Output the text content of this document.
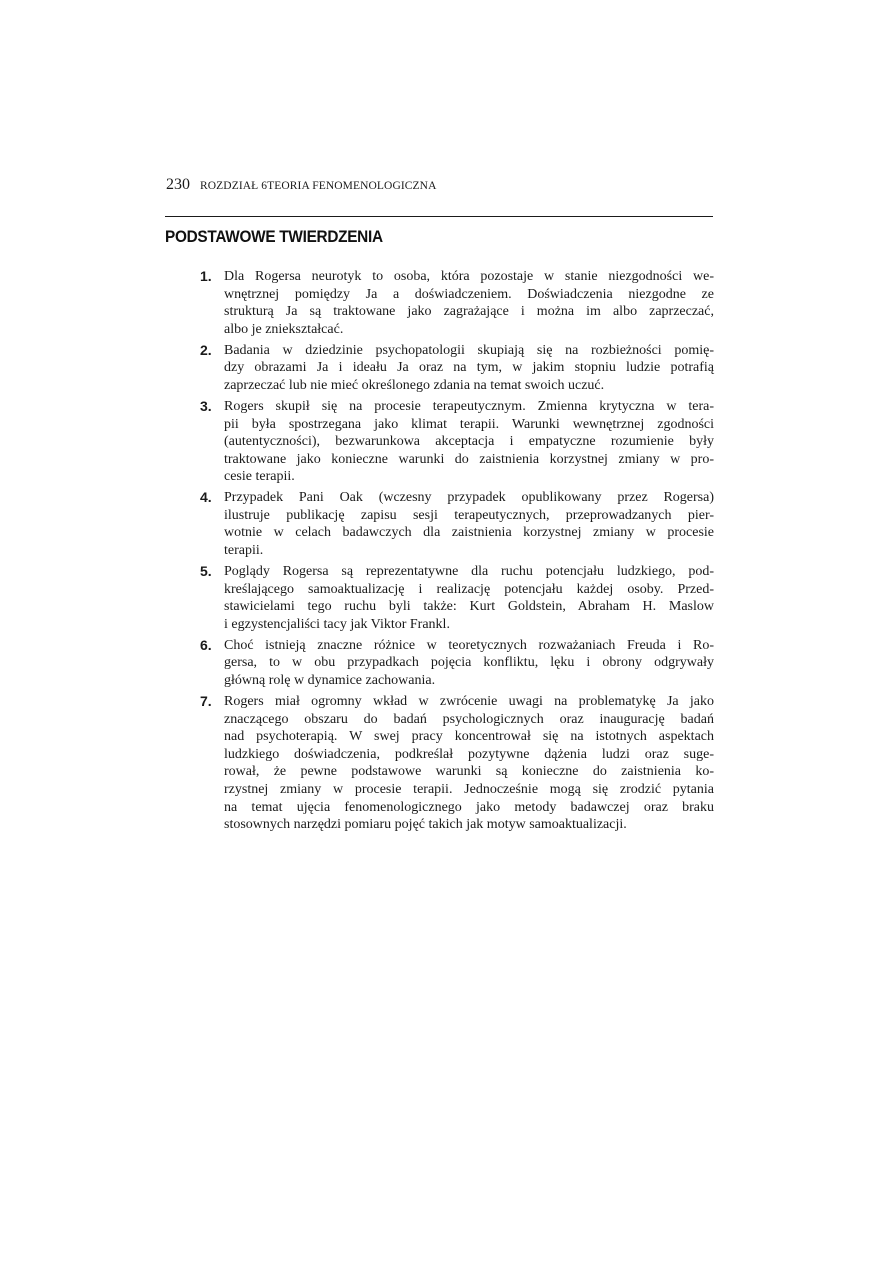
230 ROZDZIAŁ 6TEORIA FENOMENOLOGICZNA
PODSTAWOWE TWIERDZENIA
1. Dla Rogersa neurotyk to osoba, która pozostaje w stanie niezgodności we-
wnętrznej pomiędzy Ja a doświadczeniem. Doświadczenia niezgodne ze
strukturą Ja są traktowane jako zagrażające i można im albo zaprzeczać,
albo je zniekształcać.
2. Badania w dziedzinie psychopatologii skupiają się na rozbieżności pomię-
dzy obrazami Ja i ideału Ja oraz na tym, w jakim stopniu ludzie potrafią
zaprzeczać lub nie mieć określonego zdania na temat swoich uczuć.
3. Rogers skupił się na procesie terapeutycznym. Zmienna krytyczna w tera-
pii była spostrzegana jako klimat terapii. Warunki wewnętrznej zgodności
(autentyczności), bezwarunkowa akceptacja i empatyczne rozumienie były
traktowane jako konieczne warunki do zaistnienia korzystnej zmiany w pro-
cesie terapii.
4. Przypadek Pani Oak (wczesny przypadek opublikowany przez Rogersa)
ilustruje publikację zapisu sesji terapeutycznych, przeprowadzanych pier-
wotnie w celach badawczych dla zaistnienia korzystnej zmiany w procesie
terapii.
5. Poglądy Rogersa są reprezentatywne dla ruchu potencjału ludzkiego, pod-
kreślającego samoaktualizację i realizację potencjału każdej osoby. Przed-
stawicielami tego ruchu byli także: Kurt Goldstein, Abraham H. Maslow
i egzystencjaliści tacy jak Viktor Frankl.
6. Choć istnieją znaczne różnice w teoretycznych rozważaniach Freuda i Ro-
gersa, to w obu przypadkach pojęcia konfliktu, lęku i obrony odgrywały
główną rolę w dynamice zachowania.
7. Rogers miał ogromny wkład w zwrócenie uwagi na problematykę Ja jako
znaczącego obszaru do badań psychologicznych oraz inaugurację badań
nad psychoterapią. W swej pracy koncentrował się na istotnych aspektach
ludzkiego doświadczenia, podkreślał pozytywne dążenia ludzi oraz suge-
rował, że pewne podstawowe warunki są konieczne do zaistnienia ko-
rzystnej zmiany w procesie terapii. Jednocześnie mogą się zrodzić pytania
na temat ujęcia fenomenologicznego jako metody badawczej oraz braku
stosownych narzędzi pomiaru pojęć takich jak motyw samoaktualizacji.
